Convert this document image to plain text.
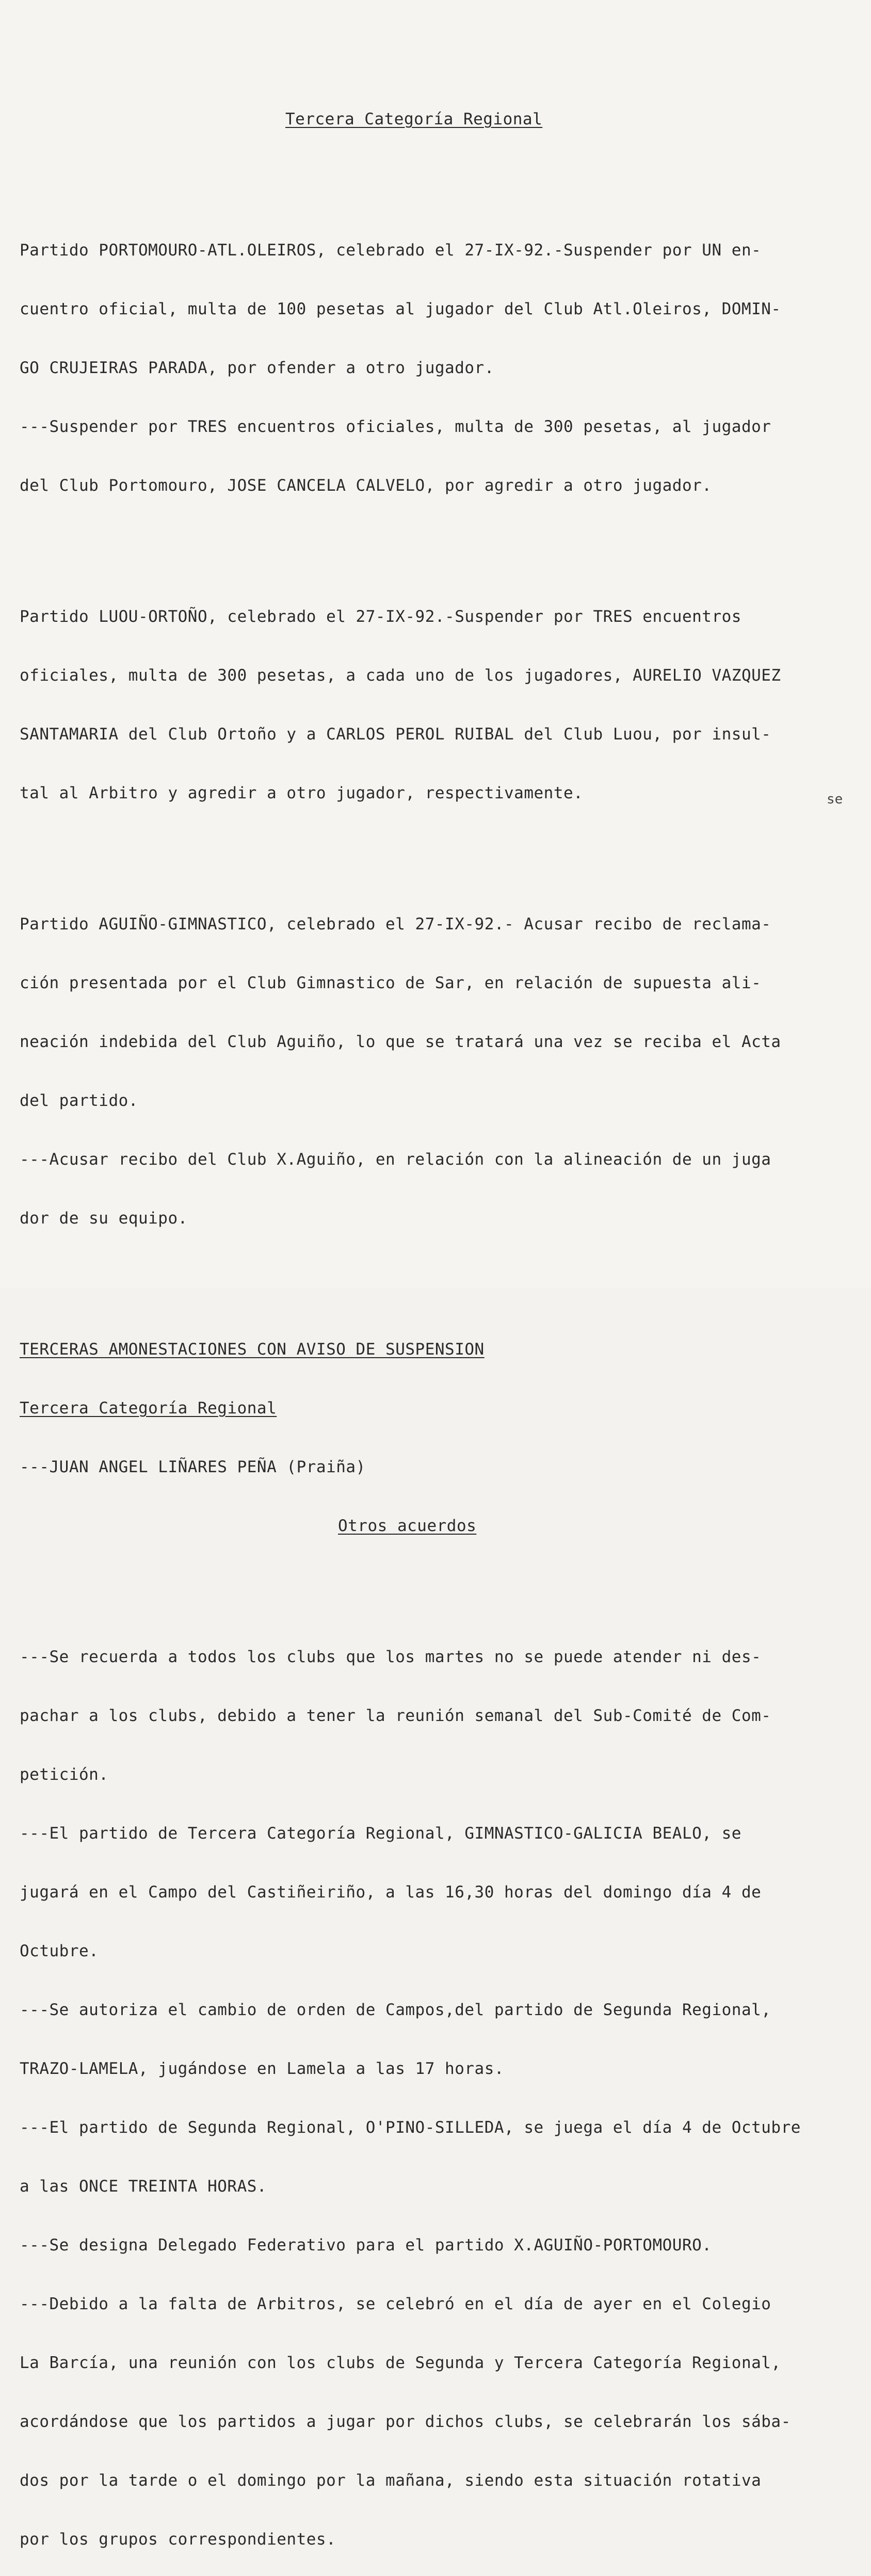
Tercera Categoría Regional

Partido PORTOMOURO-ATL.OLEIROS, celebrado el 27-IX-92.-Suspender por UN en-

cuentro oficial, multa de 100 pesetas al jugador del Club Atl.Oleiros, DOMIN-

GO CRUJEIRAS PARADA, por ofender a otro jugador.

---Suspender por TRES encuentros oficiales, multa de 300 pesetas, al jugador

del Club Portomouro, JOSE CANCELA CALVELO, por agredir a otro jugador.

Partido LUOU-ORTOÑO, celebrado el 27-IX-92.-Suspender por TRES encuentros

oficiales, multa de 300 pesetas, a cada uno de los jugadores, AURELIO VAZQUEZ

SANTAMARIA del Club Ortoño y a CARLOS PEROL RUIBAL del Club Luou, por insul-

tal al Arbitro y agredir a otro jugador, respectivamente.

Partido AGUIÑO-GIMNASTICO, celebrado el 27-IX-92.- Acusar recibo de reclama-

ción presentada por el Club Gimnastico de Sar, en relación de supuesta ali-

neación indebida del Club Aguiño, lo que se tratará una vez se reciba el Acta

del partido.

---Acusar recibo del Club X.Aguiño, en relación con la alineación de un juga

dor de su equipo.

TERCERAS AMONESTACIONES CON AVISO DE SUSPENSION

Tercera Categoría Regional

---JUAN ANGEL LIÑARES PEÑA (Praiña)

Otros acuerdos

---Se recuerda a todos los clubs que los martes no se puede atender ni des-

pachar a los clubs, debido a tener la reunión semanal del Sub-Comité de Com-

petición.

---El partido de Tercera Categoría Regional, GIMNASTICO-GALICIA BEALO, se

jugará en el Campo del Castiñeiriño, a las 16,30 horas del domingo día 4 de

Octubre.

---Se autoriza el cambio de orden de Campos,del partido de Segunda Regional,

TRAZO-LAMELA, jugándose en Lamela a las 17 horas.

---El partido de Segunda Regional, O'PINO-SILLEDA, se juega el día 4 de Octubre

a las ONCE TREINTA HORAS.

---Se designa Delegado Federativo para el partido X.AGUIÑO-PORTOMOURO.

---Debido a la falta de Arbitros, se celebró en el día de ayer en el Colegio

La Barcía, una reunión con los clubs de Segunda y Tercera Categoría Regional,

acordándose que los partidos a jugar por dichos clubs, se celebrarán los sába-

dos por la tarde o el domingo por la mañana, siendo esta situación rotativa

por los grupos correspondientes.

se
